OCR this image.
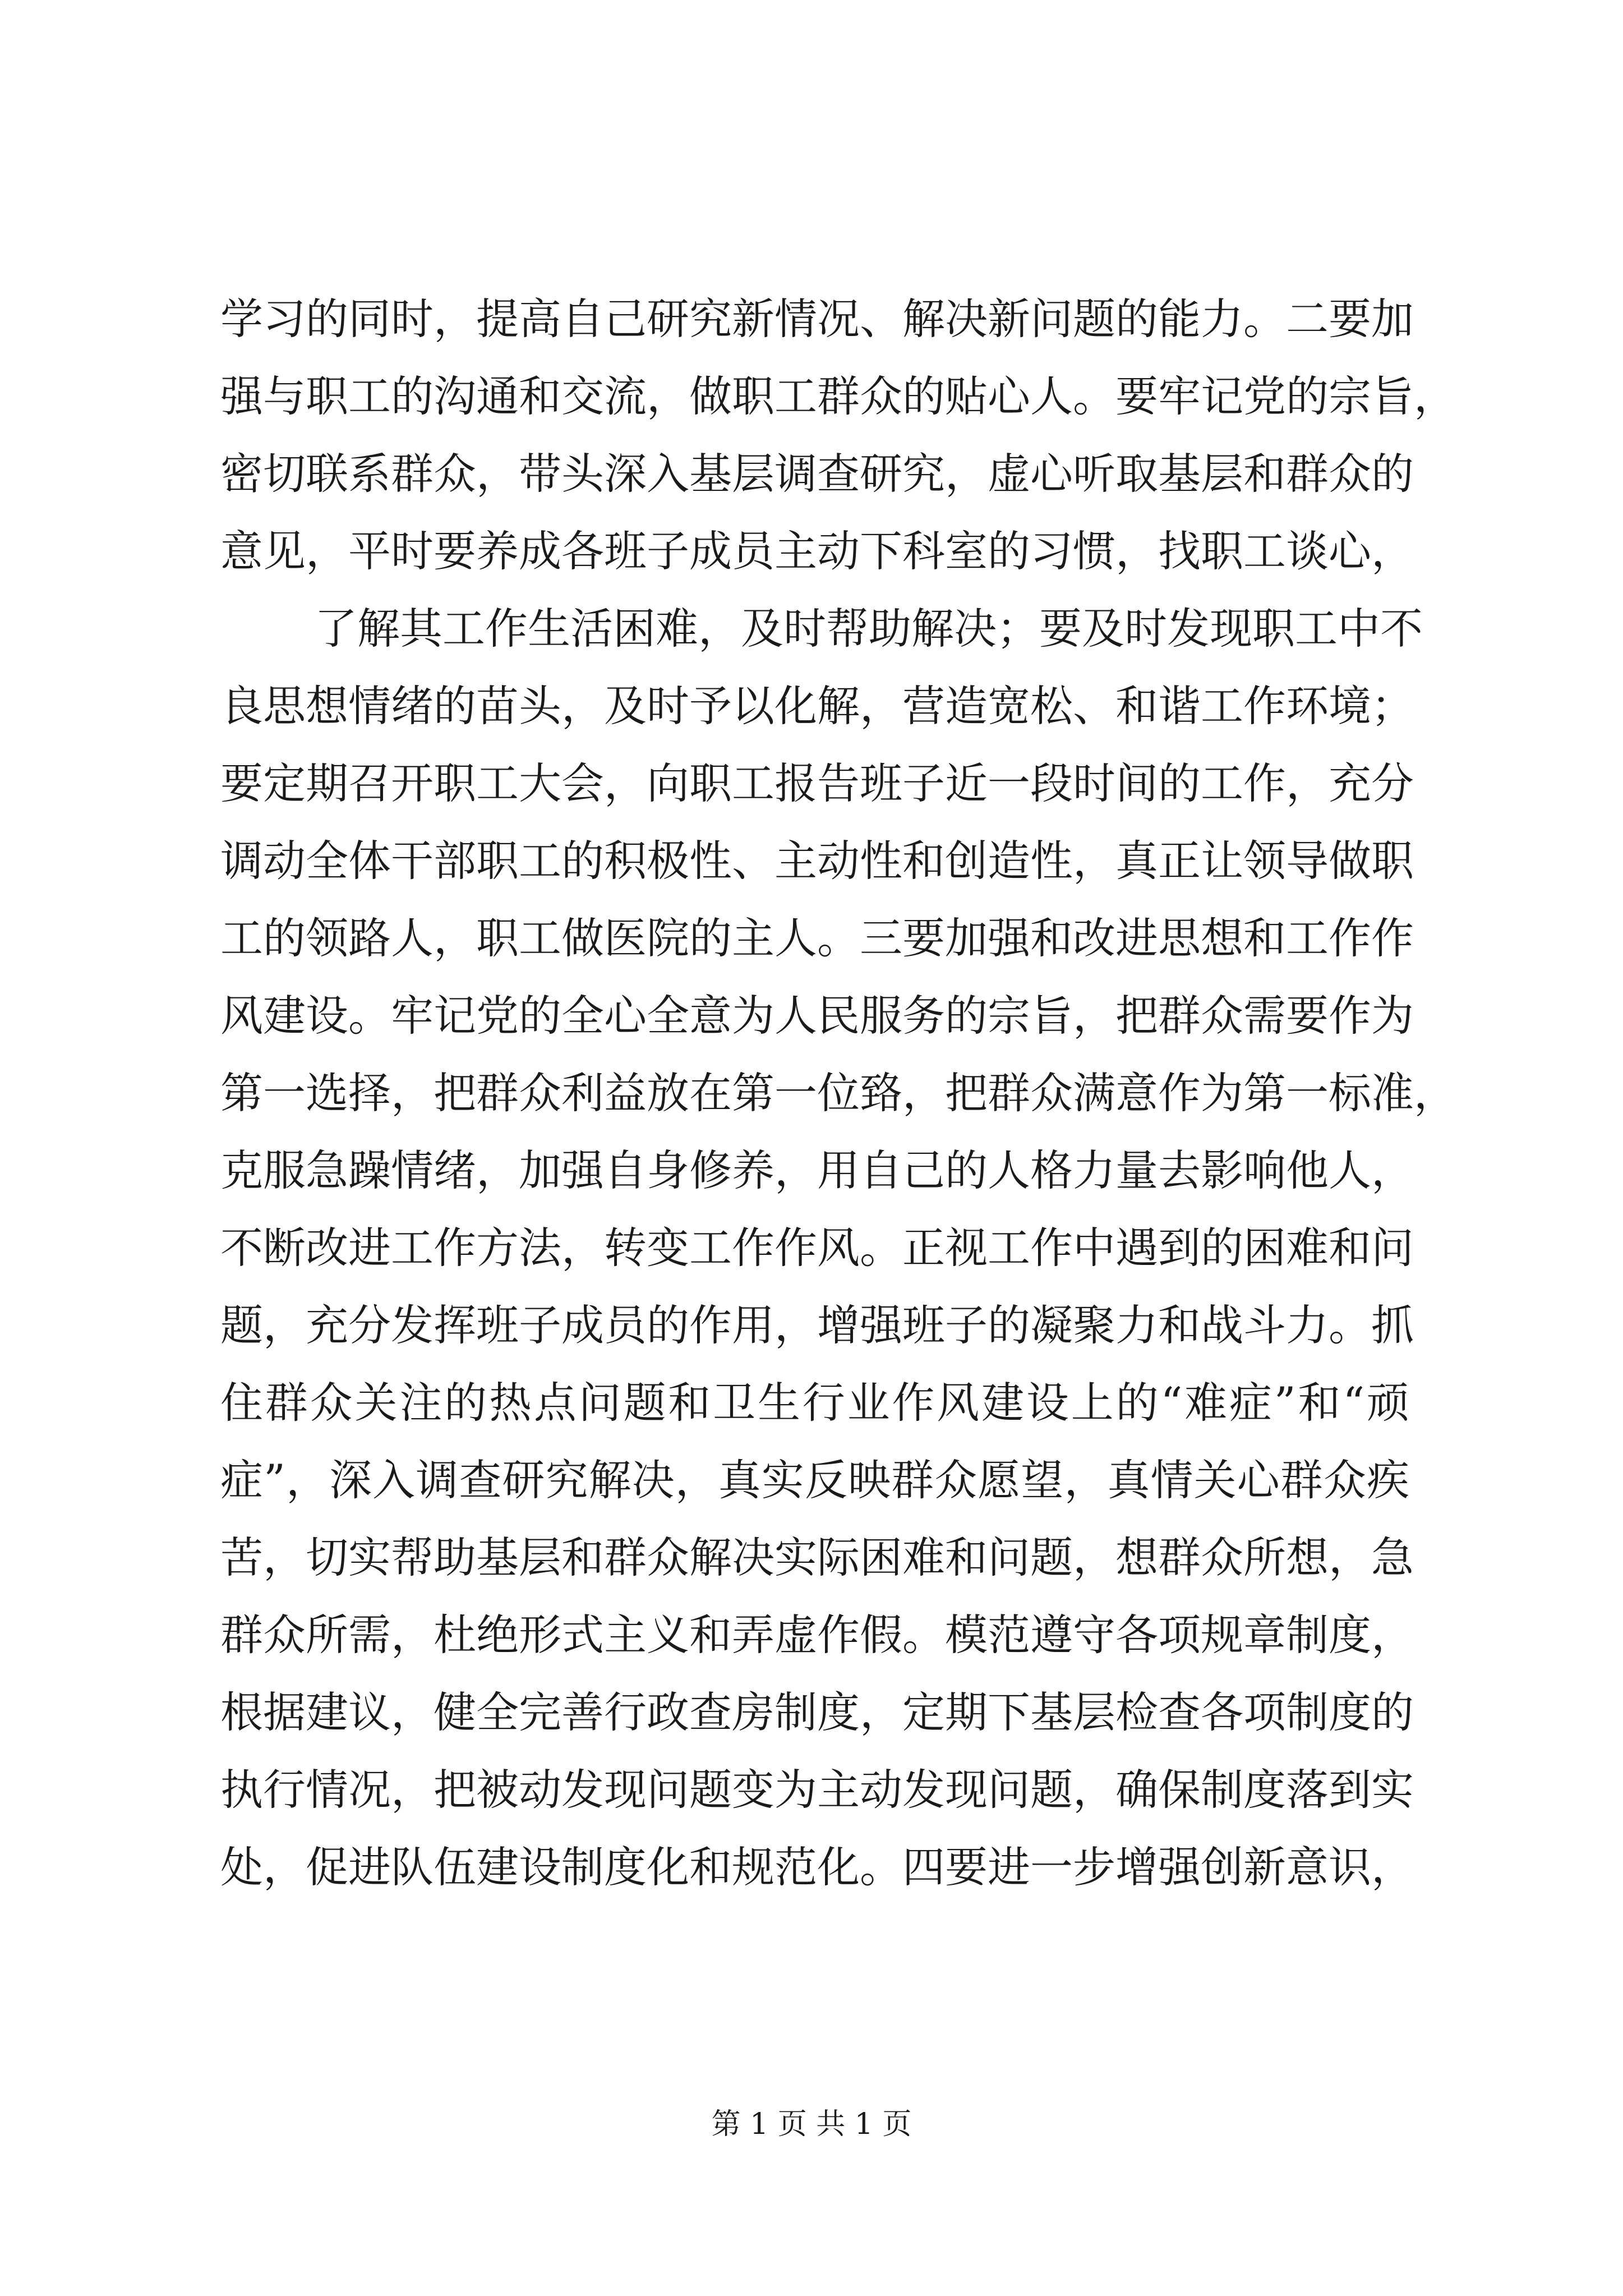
学习的同时，提高自己研究新情况、解决新问题的能力。二要加
强与职工的沟通和交流，做职工群众的贴心人。要牢记党的宗旨，
密切联系群众，带头深入基层调查研究，虚心听取基层和群众的
意见，平时要养成各班子成员主动下科室的习惯，找职工谈心，
了解其工作生活困难，及时帮助解决；要及时发现职工中不
良思想情绪的苗头，及时予以化解，营造宽松、和谐工作环境；
要定期召开职工大会，向职工报告班子近一段时间的工作，充分
调动全体干部职工的积极性、主动性和创造性，真正让领导做职
工的领路人，职工做医院的主人。三要加强和改进思想和工作作
风建设。牢记党的全心全意为人民服务的宗旨，把群众需要作为
第一选择，把群众利益放在第一位臵，把群众满意作为第一标准，
克服急躁情绪，加强自身修养，用自己的人格力量去影响他人，
不断改进工作方法，转变工作作风。正视工作中遇到的困难和问
题，充分发挥班子成员的作用，增强班子的凝聚力和战斗力。抓
住群众关注的热点问题和卫生行业作风建设上的“难症”和“顽
症”，深入调查研究解决，真实反映群众愿望，真情关心群众疾
苦，切实帮助基层和群众解决实际困难和问题，想群众所想，急
群众所需，杜绝形式主义和弄虚作假。模范遵守各项规章制度，
根据建议，健全完善行政查房制度，定期下基层检查各项制度的
执行情况，把被动发现问题变为主动发现问题，确保制度落到实
处，促进队伍建设制度化和规范化。四要进一步增强创新意识，
第 1 页 共 1 页
